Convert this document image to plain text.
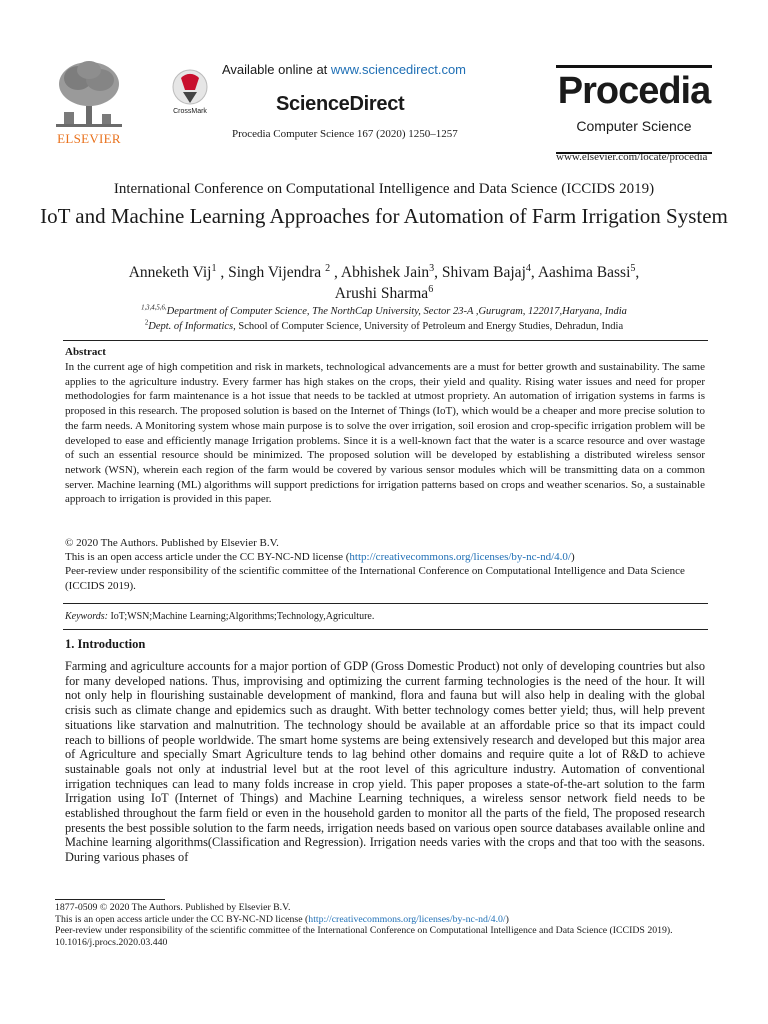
ELSEVIER
CrossMark
Available online at www.sciencedirect.com
ScienceDirect
Procedia Computer Science 167 (2020) 1250–1257
Procedia
Computer Science
www.elsevier.com/locate/procedia
International Conference on Computational Intelligence and Data Science (ICCIDS 2019)
IoT and Machine Learning Approaches for Automation of Farm Irrigation System
Anneketh Vij$^1$ , Singh Vijendra $^2$ , Abhishek Jain$^3$, Shivam Bajaj$^4$, Aashima Bassi$^5$,
Arushi Sharma$^6$
$^{1,3,4,5,6,}$Department of Computer Science, The NorthCap University, Sector 23-A ,Gurugram, 122017,Haryana, India
$^2$Dept. of Informatics, School of Computer Science, University of Petroleum and Energy Studies, Dehradun, India
Abstract
In the current age of high competition and risk in markets, technological advancements are a must for better growth and sustainability. The same applies to the agriculture industry. Every farmer has high stakes on the crops, their yield and quality. Rising water issues and need for proper methodologies for farm maintenance is a hot issue that needs to be tackled at utmost propriety. An automation of irrigation systems in farms is proposed in this research. The proposed solution is based on the Internet of Things (IoT), which would be a cheaper and more precise solution to the farm needs. A Monitoring system whose main purpose is to solve the over irrigation, soil erosion and crop-specific irrigation problem will be developed to ease and efficiently manage Irrigation problems. Since it is a well-known fact that the water is a scarce resource and over wastage of such an essential resource should be minimized. The proposed solution will be developed by establishing a distributed wireless sensor network (WSN), wherein each region of the farm would be covered by various sensor modules which will be transmitting data on a common server. Machine learning (ML) algorithms will support predictions for irrigation patterns based on crops and weather scenarios. So, a sustainable approach to irrigation is provided in this paper.
© 2020 The Authors. Published by Elsevier B.V.
This is an open access article under the CC BY-NC-ND license (http://creativecommons.org/licenses/by-nc-nd/4.0/)
Peer-review under responsibility of the scientific committee of the International Conference on Computational Intelligence and Data Science (ICCIDS 2019).
Keywords: IoT;WSN;Machine Learning;Algorithms;Technology,Agriculture.
1. Introduction
Farming and agriculture accounts for a major portion of GDP (Gross Domestic Product) not only of developing countries but also for many developed nations. Thus, improvising and optimizing the current farming technologies is the need of the hour. It will not only help in flourishing sustainable development of mankind, flora and fauna but will also help in dealing with the global crisis such as climate change and epidemics such as draught. With better technology comes better yield; thus, will help prevent situations like starvation and malnutrition. The technology should be available at an affordable price so that its impact could reach to billions of people worldwide. The smart home systems are being extensively research and developed but this major area of Agriculture and specially Smart Agriculture tends to lag behind other domains and require quite a lot of R&D to achieve sustainable goals not only at industrial level but at the root level of this agriculture industry. Automation of conventional irrigation techniques can lead to many folds increase in crop yield. This paper proposes a state-of-the-art solution to the farm Irrigation using IoT (Internet of Things) and Machine Learning techniques, a wireless sensor network field needs to be established throughout the farm field or even in the household garden to monitor all the parts of the field, The proposed research presents the best possible solution to the farm needs, irrigation needs based on various open source databases available online and Machine learning algorithms(Classification and Regression). Irrigation needs varies with the crops and that too with the seasons. During various phases of
1877-0509 © 2020 The Authors. Published by Elsevier B.V.
This is an open access article under the CC BY-NC-ND license (http://creativecommons.org/licenses/by-nc-nd/4.0/)
Peer-review under responsibility of the scientific committee of the International Conference on Computational Intelligence and Data Science (ICCIDS 2019).
10.1016/j.procs.2020.03.440
